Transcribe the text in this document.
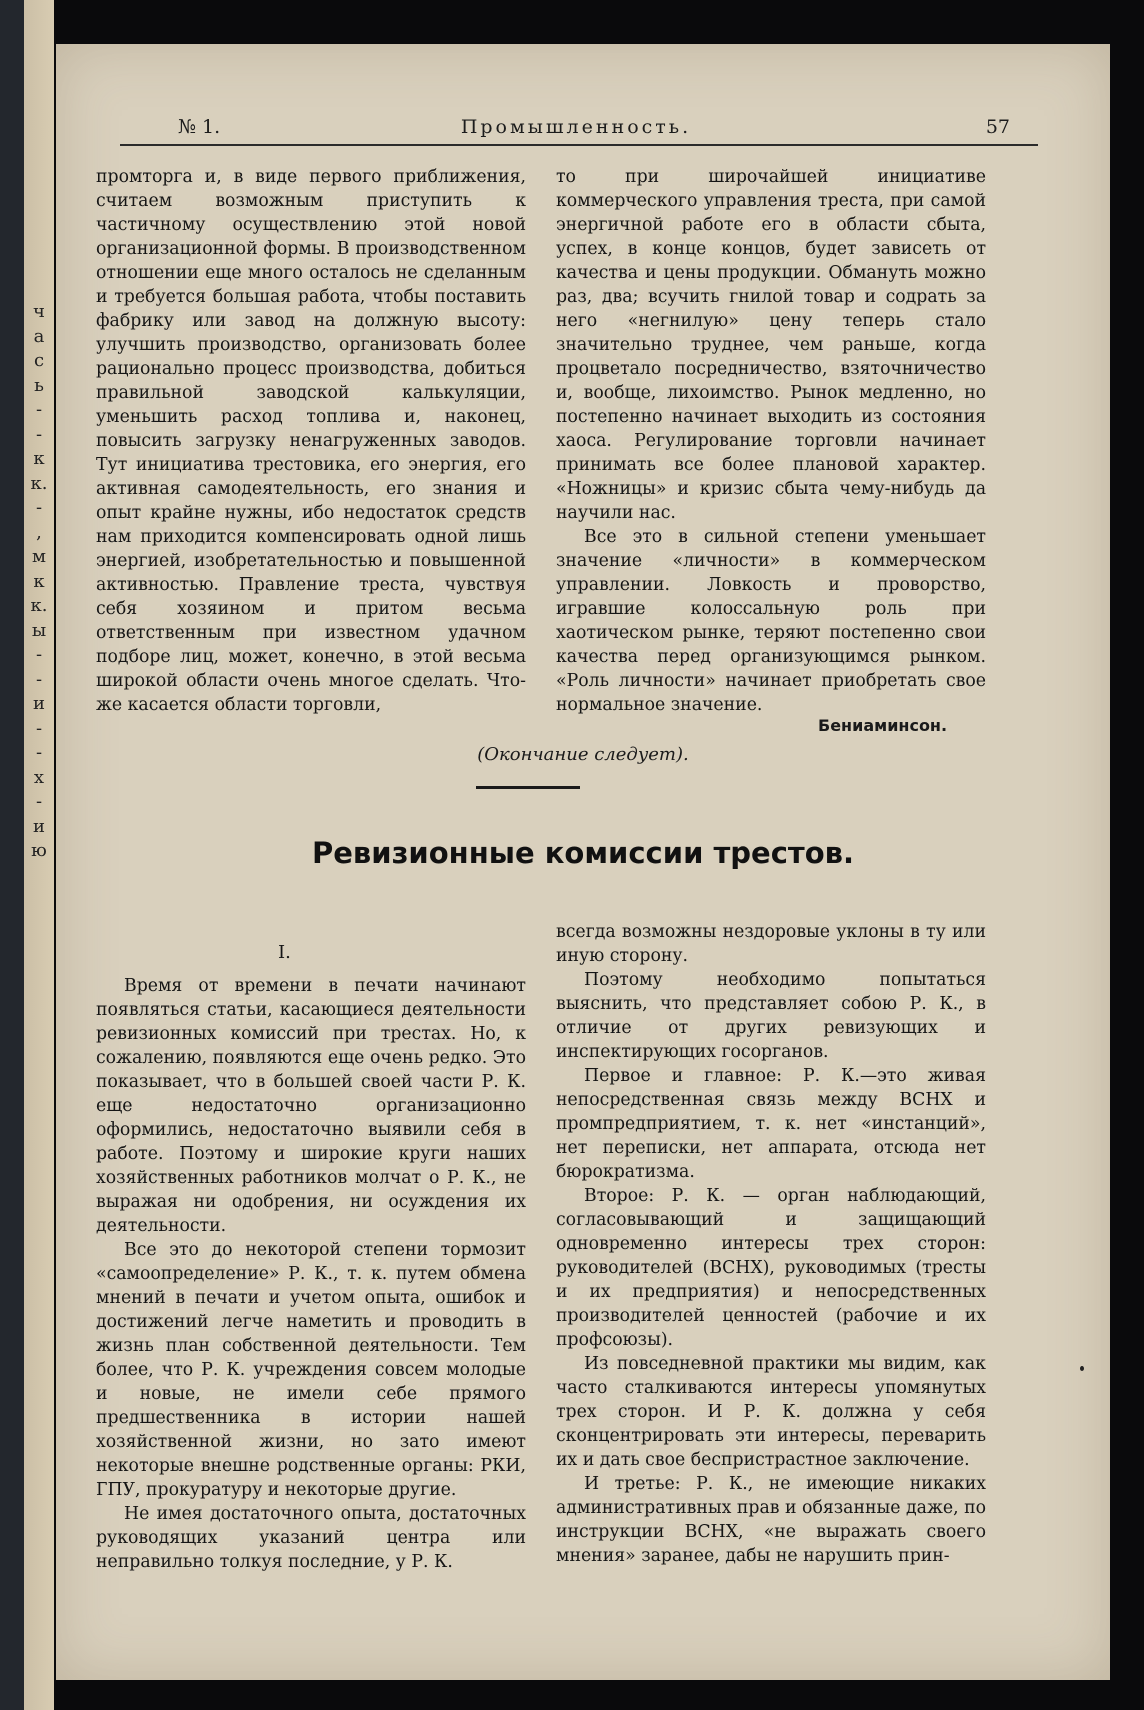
ч
а
с
ь
-
-
к
к.
-
,
м
к
к.
ы
-
-
и
-
-
х
-
и
ю
№ 1.	Промышленность.	57

промторга и, в виде первого приближения, считаем возможным приступить к частичному осуществлению этой новой организационной формы. В производственном отношении еще много осталось не сделанным и требуется большая работа, чтобы поставить фабрику или завод на должную высоту: улучшить производство, организовать более рационально процесс производства, добиться правильной заводской калькуляции, уменьшить расход топлива и, наконец, повысить загрузку ненагруженных заводов. Тут инициатива трестовика, его энергия, его активная самодеятельность, его знания и опыт крайне нужны, ибо недостаток средств нам приходится компенсировать одной лишь энергией, изобретательностью и повышенной активностью. Правление треста, чувствуя себя хозяином и притом весьма ответственным при известном удачном подборе лиц, может, конечно, в этой весьма широкой области очень многое сделать. Что-же касается области торговли,

то при широчайшей инициативе коммерческого управления треста, при самой энергичной работе его в области сбыта, успех, в конце концов, будет зависеть от качества и цены продукции. Обмануть можно раз, два; всучить гнилой товар и содрать за него «негнилую» цену теперь стало значительно труднее, чем раньше, когда процветало посредничество, взяточничество и, вообще, лихоимство. Рынок медленно, но постепенно начинает выходить из состояния хаоса. Регулирование торговли начинает принимать все более плановой характер. «Ножницы» и кризис сбыта чему-нибудь да научили нас.

Все это в сильной степени уменьшает значение «личности» в коммерческом управлении. Ловкость и проворство, игравшие колоссальную роль при хаотическом рынке, теряют постепенно свои качества перед организующимся рынком. «Роль личности» начинает приобретать свое нормальное значение.

Бениаминсон.
(Окончание следует).
Ревизионные комиссии трестов.
I.

Время от времени в печати начинают появляться статьи, касающиеся деятельности ревизионных комиссий при трестах. Но, к сожалению, появляются еще очень редко. Это показывает, что в большей своей части Р. К. еще недостаточно организационно оформились, недостаточно выявили себя в работе. Поэтому и широкие круги наших хозяйственных работников молчат о Р. К., не выражая ни одобрения, ни осуждения их деятельности.

Все это до некоторой степени тормозит «самоопределение» Р. К., т. к. путем обмена мнений в печати и учетом опыта, ошибок и достижений легче наметить и проводить в жизнь план собственной деятельности. Тем более, что Р. К. учреждения совсем молодые и новые, не имели себе прямого предшественника в истории нашей хозяйственной жизни, но зато имеют некоторые внешне родственные органы: РКИ, ГПУ, прокуратуру и некоторые другие.

Не имея достаточного опыта, достаточных руководящих указаний центра или неправильно толкуя последние, у Р. К.

всегда возможны нездоровые уклоны в ту или иную сторону.

Поэтому необходимо попытаться выяснить, что представляет собою Р. К., в отличие от других ревизующих и инспектирующих госорганов.

Первое и главное: Р. К.—это живая непосредственная связь между ВСНХ и промпредприятием, т. к. нет «инстанций», нет переписки, нет аппарата, отсюда нет бюрократизма.

Второе: Р. К. — орган наблюдающий, согласовывающий и защищающий одновременно интересы трех сторон: руководителей (ВСНХ), руководимых (тресты и их предприятия) и непосредственных производителей ценностей (рабочие и их профсоюзы).

Из повседневной практики мы видим, как часто сталкиваются интересы упомянутых трех сторон. И Р. К. должна у себя сконцентрировать эти интересы, переварить их и дать свое беспристрастное заключение.

И третье: Р. К., не имеющие никаких административных прав и обязанные даже, по инструкции ВСНХ, «не выражать своего мнения» заранее, дабы не нарушить прин-
